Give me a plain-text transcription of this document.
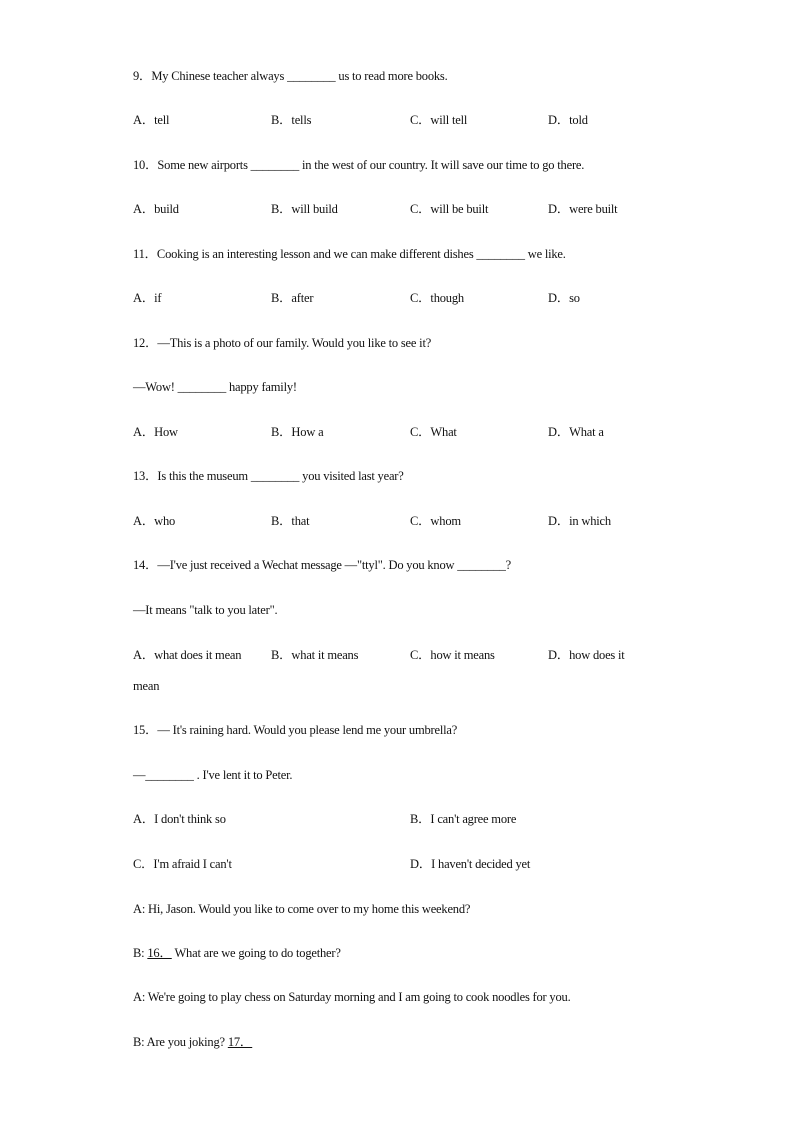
9．My Chinese teacher always ________ us to read more books.
A．tell	B．tells	C．will tell	D．told
10．Some new airports ________ in the west of our country. It will save our time to go there.
A．build	B．will build	C．will be built	D．were built
11．Cooking is an interesting lesson and we can make different dishes ________ we like.
A．if	B．after	C．though	D．so
12．—This is a photo of our family. Would you like to see it?
—Wow! ________ happy family!
A．How	B．How a	C．What	D．What a
13．Is this the museum ________ you visited last year?
A．who	B．that	C．whom	D．in which
14．—I've just received a Wechat message —"ttyl". Do you know ________?
—It means "talk to you later".
A．what does it mean B．what it means	C．how it means	D．how does it
mean
15．— It's raining hard. Would you please lend me your umbrella?
—________ . I've lent it to Peter.
A．I don't think so	B．I can't agree more
C．I'm afraid I can't	D．I haven't decided yet
A: Hi, Jason. Would you like to come over to my home this weekend?
B: 16． What are we going to do together?
A: We're going to play chess on Saturday morning and I am going to cook noodles for you.
B: Are you joking? 17．
